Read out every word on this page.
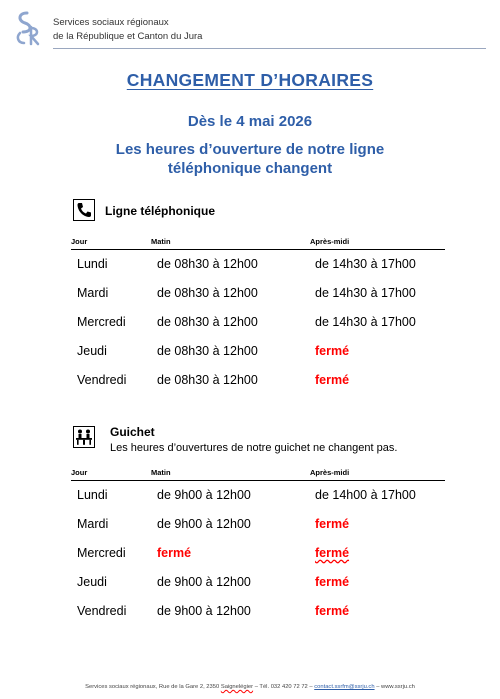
Services sociaux régionaux
de la République et Canton du Jura
CHANGEMENT D’HORAIRES
Dès le 4 mai 2026
Les heures d’ouverture de notre ligne
téléphonique changent
Ligne téléphonique
Jour	Matin	Après-midi
Lundi	de 08h30 à 12h00	de 14h30 à 17h00
Mardi	de 08h30 à 12h00	de 14h30 à 17h00
Mercredi	de 08h30 à 12h00	de 14h30 à 17h00
Jeudi	de 08h30 à 12h00	fermé
Vendredi	de 08h30 à 12h00	fermé
Guichet
Les heures d’ouvertures de notre guichet ne changent pas.
Jour	Matin	Après-midi
Lundi	de 9h00 à 12h00	de 14h00 à 17h00
Mardi	de 9h00 à 12h00	fermé
Mercredi	fermé	fermé
Jeudi	de 9h00 à 12h00	fermé
Vendredi	de 9h00 à 12h00	fermé
Services sociaux régionaux, Rue de la Gare 2, 2350 Saignelégier – Tél. 032 420 72 72 – contact.ssrfm@ssrju.ch – www.ssrju.ch
